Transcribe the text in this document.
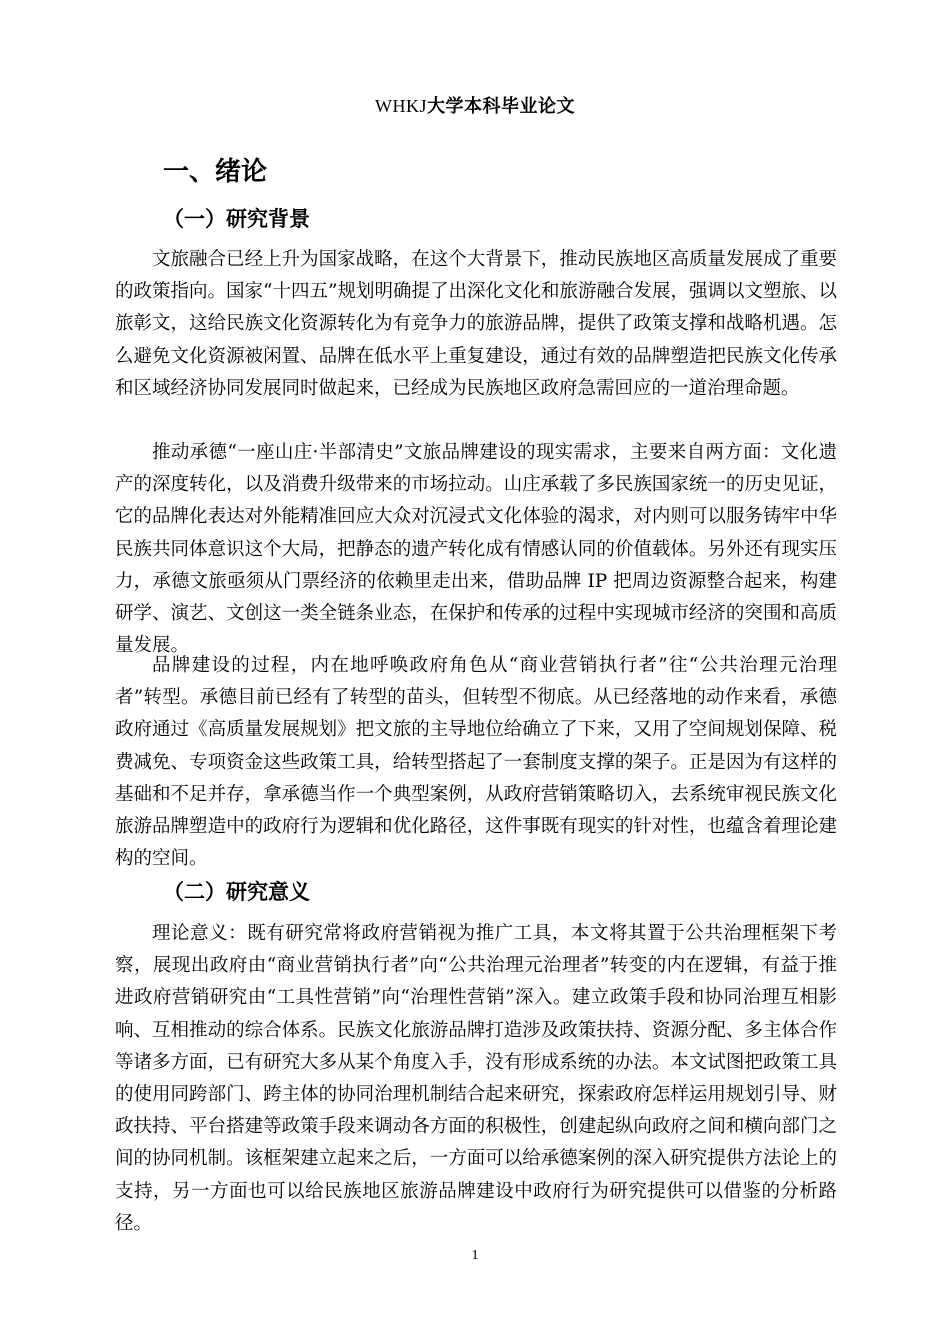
WHKJ大学本科毕业论文
一、绪论
（一）研究背景

文旅融合已经上升为国家战略，在这个大背景下，推动民族地区高质量发展成了重要的政策指向。国家“十四五”规划明确提了出深化文化和旅游融合发展，强调以文塑旅、以旅彰文，这给民族文化资源转化为有竞争力的旅游品牌，提供了政策支撑和战略机遇。怎么避免文化资源被闲置、品牌在低水平上重复建设，通过有效的品牌塑造把民族文化传承和区域经济协同发展同时做起来，已经成为民族地区政府急需回应的一道治理命题。

推动承德“一座山庄·半部清史”文旅品牌建设的现实需求，主要来自两方面：文化遗产的深度转化，以及消费升级带来的市场拉动。山庄承载了多民族国家统一的历史见证，它的品牌化表达对外能精准回应大众对沉浸式文化体验的渴求，对内则可以服务铸牢中华民族共同体意识这个大局，把静态的遗产转化成有情感认同的价值载体。另外还有现实压力，承德文旅亟须从门票经济的依赖里走出来，借助品牌 IP 把周边资源整合起来，构建研学、演艺、文创这一类全链条业态，在保护和传承的过程中实现城市经济的突围和高质量发展。

品牌建设的过程，内在地呼唤政府角色从“商业营销执行者”往“公共治理元治理者”转型。承德目前已经有了转型的苗头，但转型不彻底。从已经落地的动作来看，承德政府通过《高质量发展规划》把文旅的主导地位给确立了下来，又用了空间规划保障、税费减免、专项资金这些政策工具，给转型搭起了一套制度支撑的架子。正是因为有这样的基础和不足并存，拿承德当作一个典型案例，从政府营销策略切入，去系统审视民族文化旅游品牌塑造中的政府行为逻辑和优化路径，这件事既有现实的针对性，也蕴含着理论建构的空间。

（二）研究意义

理论意义：既有研究常将政府营销视为推广工具，本文将其置于公共治理框架下考察，展现出政府由“商业营销执行者”向“公共治理元治理者”转变的内在逻辑，有益于推进政府营销研究由“工具性营销”向“治理性营销”深入。建立政策手段和协同治理互相影响、互相推动的综合体系。民族文化旅游品牌打造涉及政策扶持、资源分配、多主体合作等诸多方面，已有研究大多从某个角度入手，没有形成系统的办法。本文试图把政策工具的使用同跨部门、跨主体的协同治理机制结合起来研究，探索政府怎样运用规划引导、财政扶持、平台搭建等政策手段来调动各方面的积极性，创建起纵向政府之间和横向部门之间的协同机制。该框架建立起来之后，一方面可以给承德案例的深入研究提供方法论上的支持，另一方面也可以给民族地区旅游品牌建设中政府行为研究提供可以借鉴的分析路径。

1
